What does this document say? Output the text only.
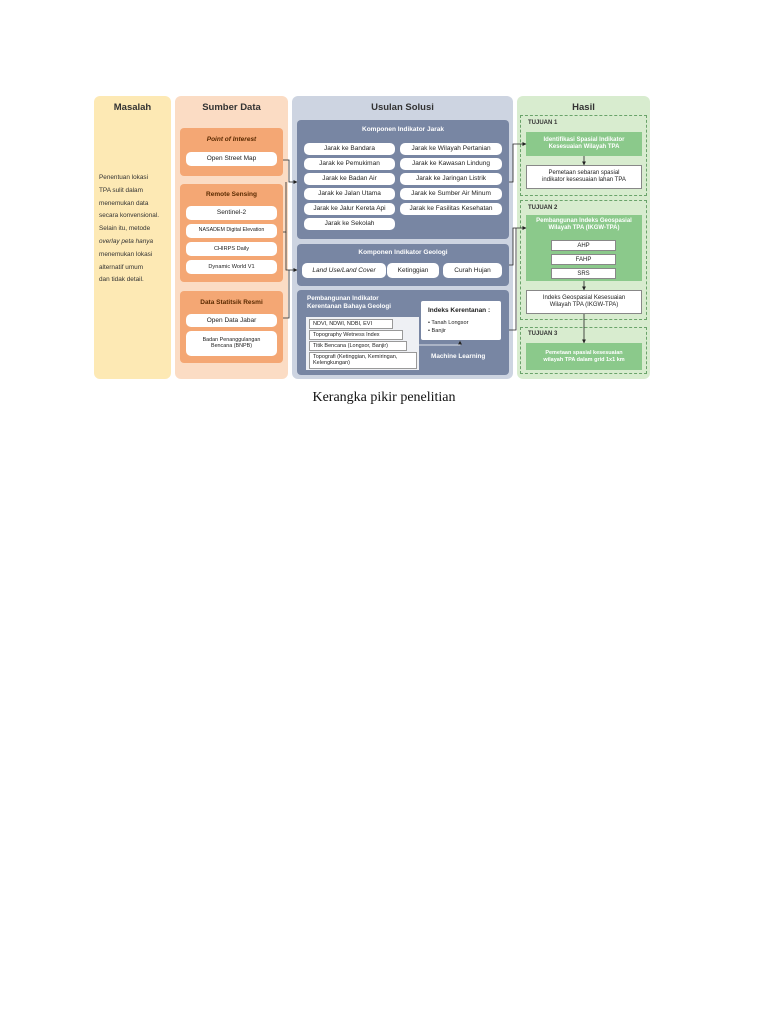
Masalah
Penentuan lokasi
TPA sulit dalam
menemukan data
secara konvensional.
Selain itu, metode
overlay peta hanya
menemukan lokasi
alternatif umum
dan tidak detail.
Sumber Data
Point of Interest
Open Street Map
Remote Sensing
Sentinel-2
NASADEM Digital Elevation
CHIRPS Daily
Dynamic World V1
Data Statitsik Resmi
Open Data Jabar
Badan Penanggulangan Bencana (BNPB)
Usulan Solusi
Komponen Indikator Jarak
Jarak ke Bandara	Jarak ke Wilayah Pertanian
Jarak ke Pemukiman	Jarak ke Kawasan Lindung
Jarak ke Badan Air	Jarak ke Jaringan Listrik
Jarak ke Jalan Utama	Jarak ke Sumber Air Minum
Jarak ke Jalur Kereta Api	Jarak ke Fasilitas Kesehatan
Jarak ke Sekolah
Komponen Indikator Geologi
Land Use/Land Cover	Ketinggian	Curah Hujan
Pembangunan Indikator
Kerentanan Bahaya Geologi
NDVI, NDWI, NDBI, EVI
Topography Wetness Index
Titik Bencana (Longsor, Banjir)
Topografi (Ketinggian, Kemiringan, Kelengkungan)
Indeks Kerentanan :
• Tanah Longsor
• Banjir
Machine Learning
Hasil
TUJUAN 1
Identifikasi Spasial Indikator Kesesuaian Wilayah TPA
Pemetaan sebaran spasial indikator kesesuaian lahan TPA
TUJUAN 2
Pembangunan Indeks Geospasial Wilayah TPA (IKGW-TPA)
AHP
FAHP
SRS
Indeks Geospasial Kesesuaian Wilayah TPA (IKGW-TPA)
TUJUAN 3
Pemetaan spasial kesesuaian wilayah TPA dalam grid 1x1 km
Kerangka pikir penelitian
